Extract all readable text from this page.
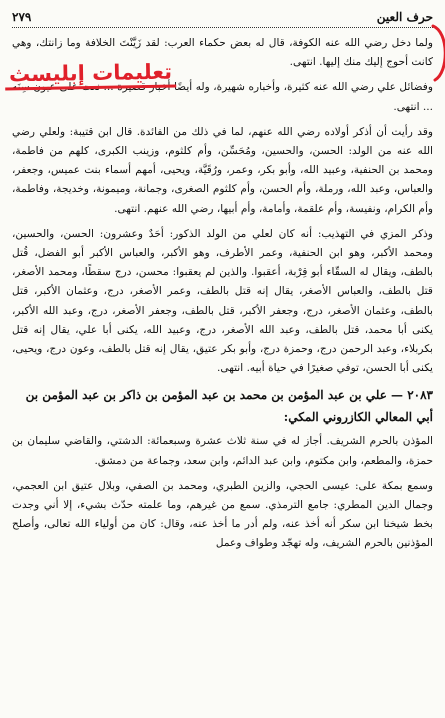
حرف العين
٢٧٩

ولما دخل رضي الله عنه الكوفة، قال له بعض حكماء العرب: لقد زَيَّنْتَ الخلافة وما زانتك، وهي كانت أحوج إليك منك إليها. انتهى.

وفضائل علي رضي الله عنه كثيرة، وأخباره شهيرة، وله أيضًا أخبار قصيرة ... نعت على عيون سِنَه ... انتهى.

وقد رأيت أن أذكر أولاده رضي الله عنهم، لما في ذلك من الفائدة. قال ابن قتيبة: ولعلي رضي الله عنه من الولد: الحسن، والحسين، ومُحَسِّن، وأم كلثوم، وزينب الكبرى، كلهم من فاطمة، ومحمد بن الحنفية، وعبيد الله، وأبو بكر، وعمر، ورُقَيَّة، ويحيى، أمهم أسماء بنت عميس، وجعفر، والعباس، وعبد الله، ورملة، وأم الحسن، وأم كلثوم الصغرى، وجمانة، وميمونة، وخديجة، وفاطمة، وأم الكرام، ونفيسة، وأم علقمة، وأمامة، وأم أبيها، رضي الله عنهم. انتهى.

وذكر المزي في التهذيب: أنه كان لعلي من الولد الذكور: أحَدٌ وعشرون: الحسن، والحسين، ومحمد الأكبر، وهو ابن الحنفية، وعمر الأطرف، وهو الأكبر، والعباس الأكبر أبو الفضل، قُتل بالطف، ويقال له السقّاء أبو قِرْبة، أعقبوا. والذين لم يعقبوا: محسن، درج سقطًا، ومحمد الأصغر، قتل بالطف، والعباس الأصغر، يقال إنه قتل بالطف، وعمر الأصغر، درج، وعثمان الأكبر، قتل بالطف، وعثمان الأصغر، درج، وجعفر الأكبر، قتل بالطف، وجعفر الأصغر، درج، وعبد الله الأكبر، يكنى أبا محمد، قتل بالطف، وعبد الله الأصغر، درج، وعبيد الله، يكنى أبا علي، يقال إنه قتل بكربلاء، وعبد الرحمن درج، وحمزة درج، وأبو بكر عتيق، يقال إنه قتل بالطف، وعون درج، ويحيى، يكنى أبا الحسن، توفي صغيرًا في حياة أبيه. انتهى.

٢٠٨٣ — علي بن عبد المؤمن بن محمد بن عبد المؤمن بن ذاكر بن عبد المؤمن بن أبي المعالي الكازروني المكي:

المؤذن بالحرم الشريف. أجاز له في سنة ثلاث عشرة وسبعمائة: الدشتي، والقاضي سليمان بن حمزة، والمطعم، وابن مكتوم، وابن عبد الدائم، وابن سعد، وجماعة من دمشق.

وسمع بمكة على: عيسى الحجي، والزين الطبري، ومحمد بن الصفي، وبلال عتيق ابن العجمي، وجمال الدين المطري: جامع الترمذي. سمع من غيرهم، وما علمته حدّث بشيء، إلا أني وجدت بخط شيخنا ابن سكر أنه أخذ عنه، ولم أدر ما أخذ عنه، وقال: كان من أولياء الله تعالى، وأصلح المؤذنين بالحرم الشريف، وله تهجّد وطواف وعمل

تعليمات إبليسث
